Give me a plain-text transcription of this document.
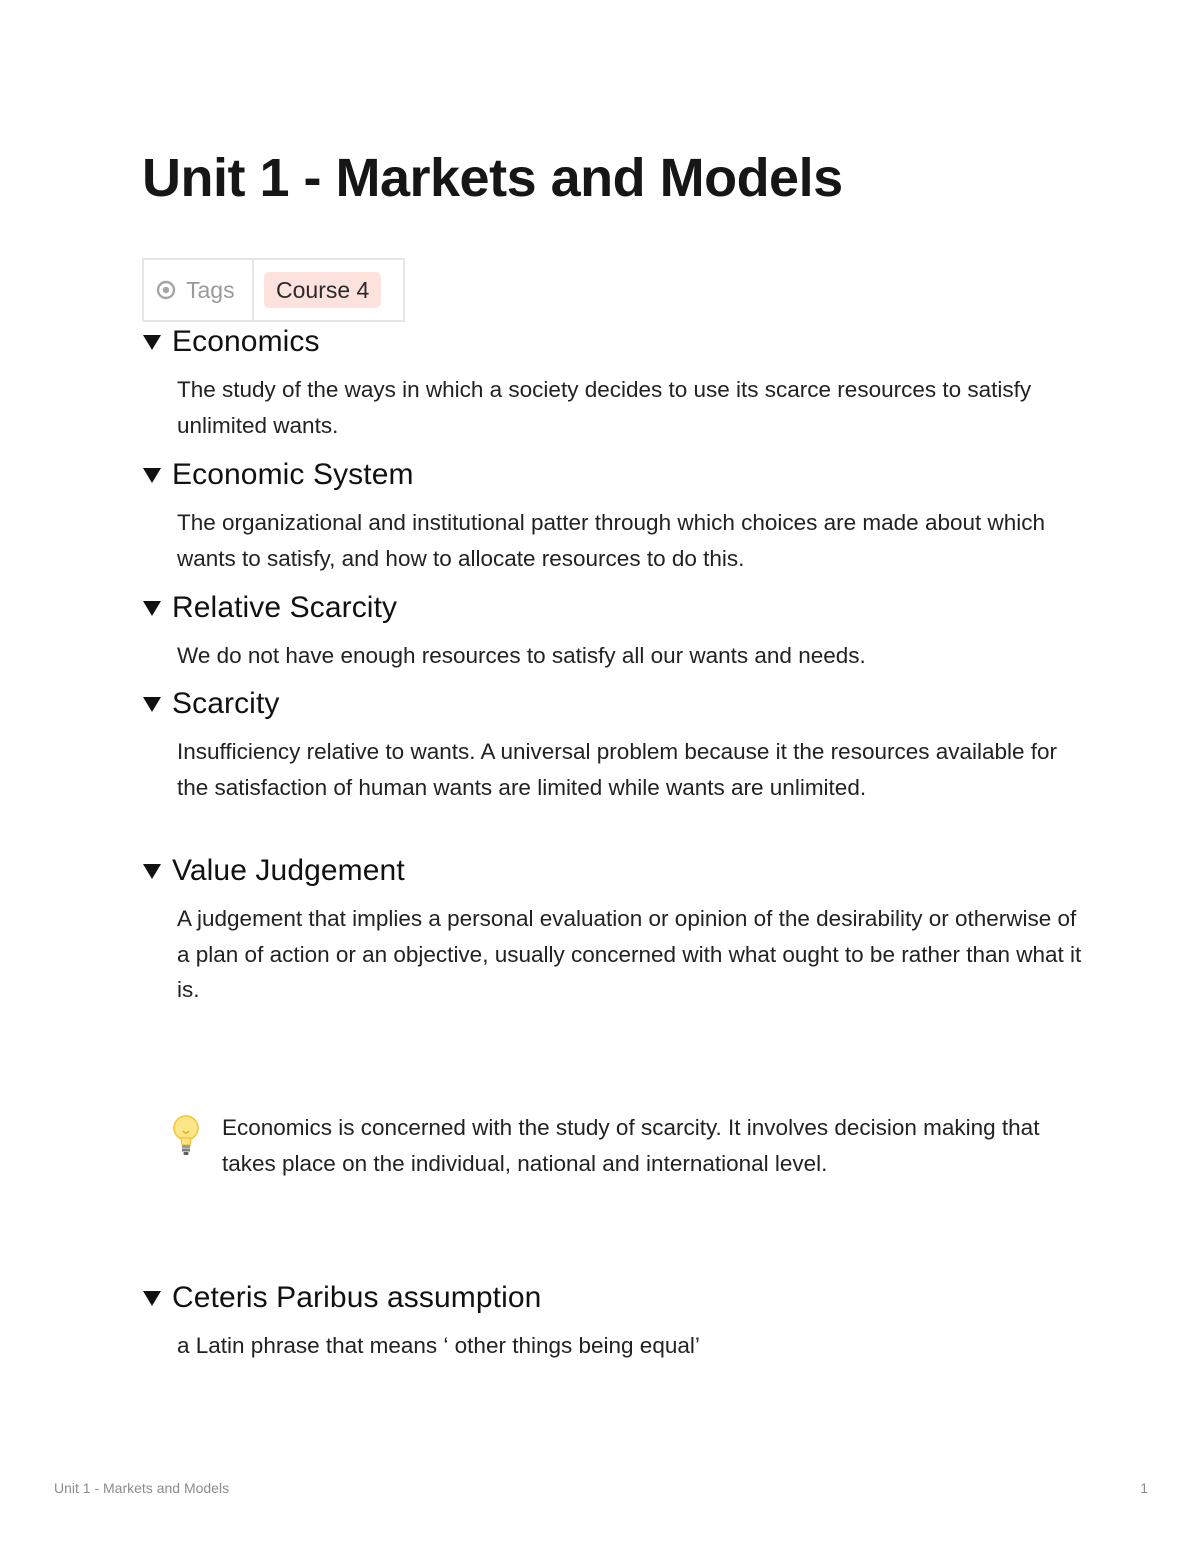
Unit 1 - Markets and Models
Tags	Course 4
Economics
The study of the ways in which a society decides to use its scarce resources to satisfy unlimited wants.
Economic System
The organizational and institutional patter through which choices are made about which wants to satisfy, and how to allocate resources to do this.
Relative Scarcity
We do not have enough resources to satisfy all our wants and needs.
Scarcity
Insufficiency relative to wants. A universal problem because it the resources available for the satisfaction of human wants are limited while wants are unlimited.
Value Judgement
A judgement that implies a personal evaluation or opinion of the desirability or otherwise of a plan of action or an objective, usually concerned with what ought to be rather than what it is.
Economics is concerned with the study of scarcity. It involves decision making that takes place on the individual, national and international level.
Ceteris Paribus assumption
a Latin phrase that means ‘ other things being equal’
Unit 1 - Markets and Models	1
